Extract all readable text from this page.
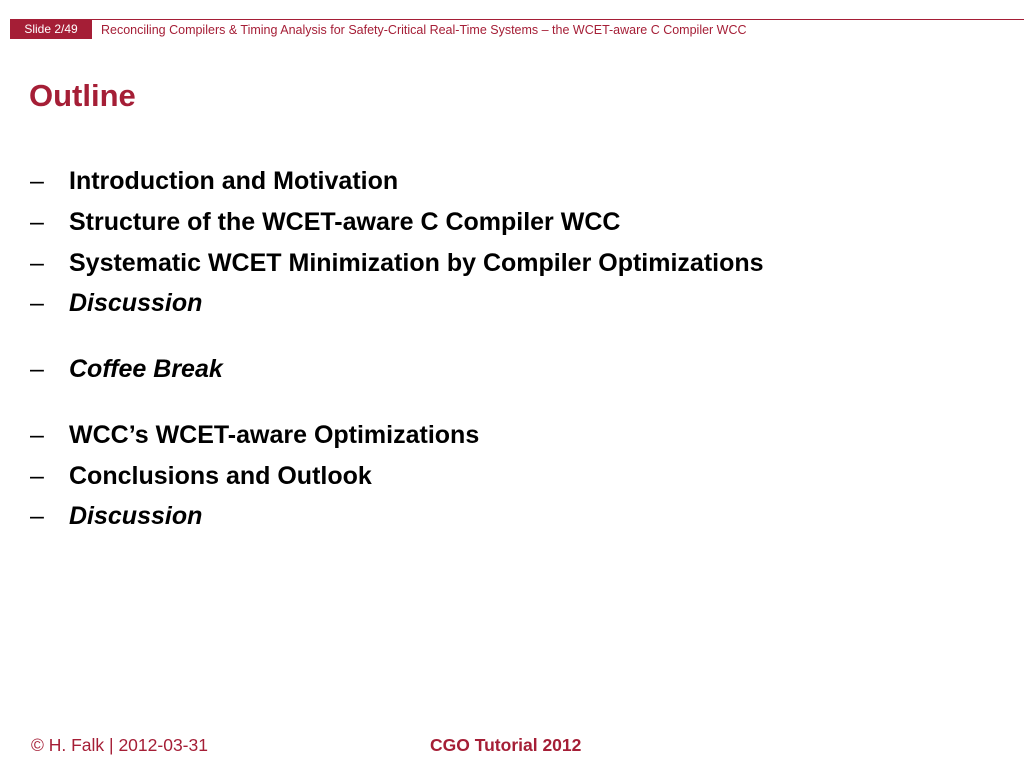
Slide 2/49	Reconciling Compilers & Timing Analysis for Safety-Critical Real-Time Systems – the WCET-aware C Compiler WCC
Outline
– Introduction and Motivation
– Structure of the WCET-aware C Compiler WCC
– Systematic WCET Minimization by Compiler Optimizations
– Discussion
– Coffee Break
– WCC’s WCET-aware Optimizations
– Conclusions and Outlook
– Discussion
© H. Falk | 2012-03-31	CGO Tutorial 2012
